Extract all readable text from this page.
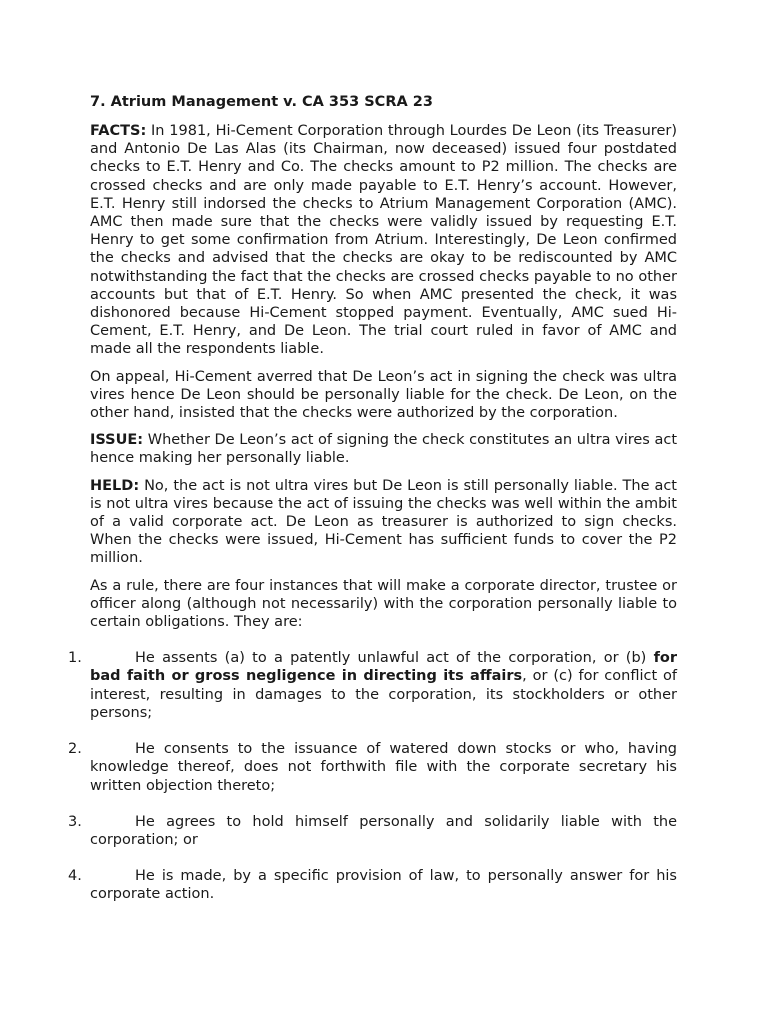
7. Atrium Management v. CA 353 SCRA 23

FACTS: In 1981, Hi-Cement Corporation through Lourdes De Leon (its Treasurer) and Antonio De Las Alas (its Chairman, now deceased) issued four postdated checks to E.T. Henry and Co. The checks amount to P2 million. The checks are crossed checks and are only made payable to E.T. Henry’s account. However, E.T. Henry still indorsed the checks to Atrium Management Corporation (AMC). AMC then made sure that the checks were validly issued by requesting E.T. Henry to get some confirmation from Atrium. Interestingly, De Leon confirmed the checks and advised that the checks are okay to be rediscounted by AMC notwithstanding the fact that the checks are crossed checks payable to no other accounts but that of E.T. Henry. So when AMC presented the check, it was dishonored because Hi-Cement stopped payment. Eventually, AMC sued Hi-Cement, E.T. Henry, and De Leon. The trial court ruled in favor of AMC and made all the respondents liable.

On appeal, Hi-Cement averred that De Leon’s act in signing the check was ultra vires hence De Leon should be personally liable for the check. De Leon, on the other hand, insisted that the checks were authorized by the corporation.

ISSUE: Whether De Leon’s act of signing the check constitutes an ultra vires act hence making her personally liable.

HELD: No, the act is not ultra vires but De Leon is still personally liable. The act is not ultra vires because the act of issuing the checks was well within the ambit of a valid corporate act. De Leon as treasurer is authorized to sign checks. When the checks were issued, Hi-Cement has sufficient funds to cover the P2 million.

As a rule, there are four instances that will make a corporate director, trustee or officer along (although not necessarily) with the corporation personally liable to certain obligations. They are:

1.	He assents (a) to a patently unlawful act of the corporation, or (b) for bad faith or gross negligence in directing its affairs, or (c) for conflict of interest, resulting in damages to the corporation, its stockholders or other persons;
2.	He consents to the issuance of watered down stocks or who, having knowledge thereof, does not forthwith file with the corporate secretary his written objection thereto;
3.	He agrees to hold himself personally and solidarily liable with the corporation; or
4.	He is made, by a specific provision of law, to personally answer for his corporate action.
